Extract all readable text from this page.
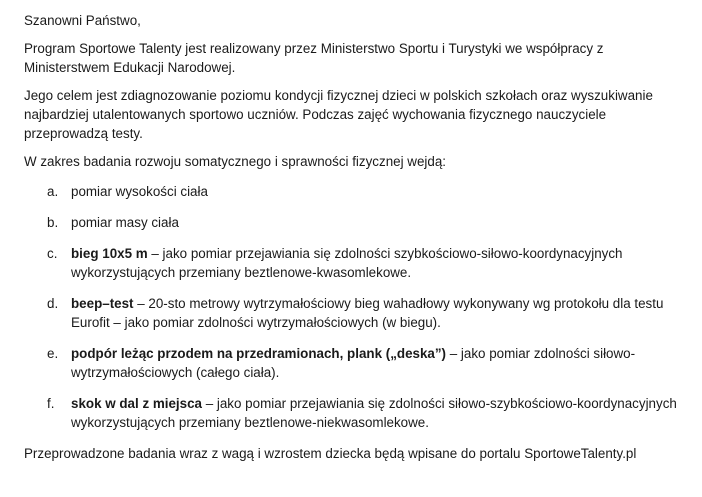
Szanowni Państwo,

Program Sportowe Talenty jest realizowany przez Ministerstwo Sportu i Turystyki we współpracy z Ministerstwem Edukacji Narodowej.

Jego celem jest zdiagnozowanie poziomu kondycji fizycznej dzieci w polskich szkołach oraz wyszukiwanie najbardziej utalentowanych sportowo uczniów. Podczas zajęć wychowania fizycznego nauczyciele przeprowadzą testy.

W zakres badania rozwoju somatycznego i sprawności fizycznej wejdą:

a. pomiar wysokości ciała
b. pomiar masy ciała
c. bieg 10x5 m – jako pomiar przejawiania się zdolności szybkościowo-siłowo-koordynacyjnych wykorzystujących przemiany beztlenowe-kwasomlekowe.
d. beep–test – 20-sto metrowy wytrzymałościowy bieg wahadłowy wykonywany wg protokołu dla testu Eurofit – jako pomiar zdolności wytrzymałościowych (w biegu).
e. podpór leżąc przodem na przedramionach, plank („deska”) – jako pomiar zdolności siłowo-wytrzymałościowych (całego ciała).
f. skok w dal z miejsca – jako pomiar przejawiania się zdolności siłowo-szybkościowo-koordynacyjnych wykorzystujących przemiany beztlenowe-niekwasomlekowe.

Przeprowadzone badania wraz z wagą i wzrostem dziecka będą wpisane do portalu SportoweTalenty.pl
